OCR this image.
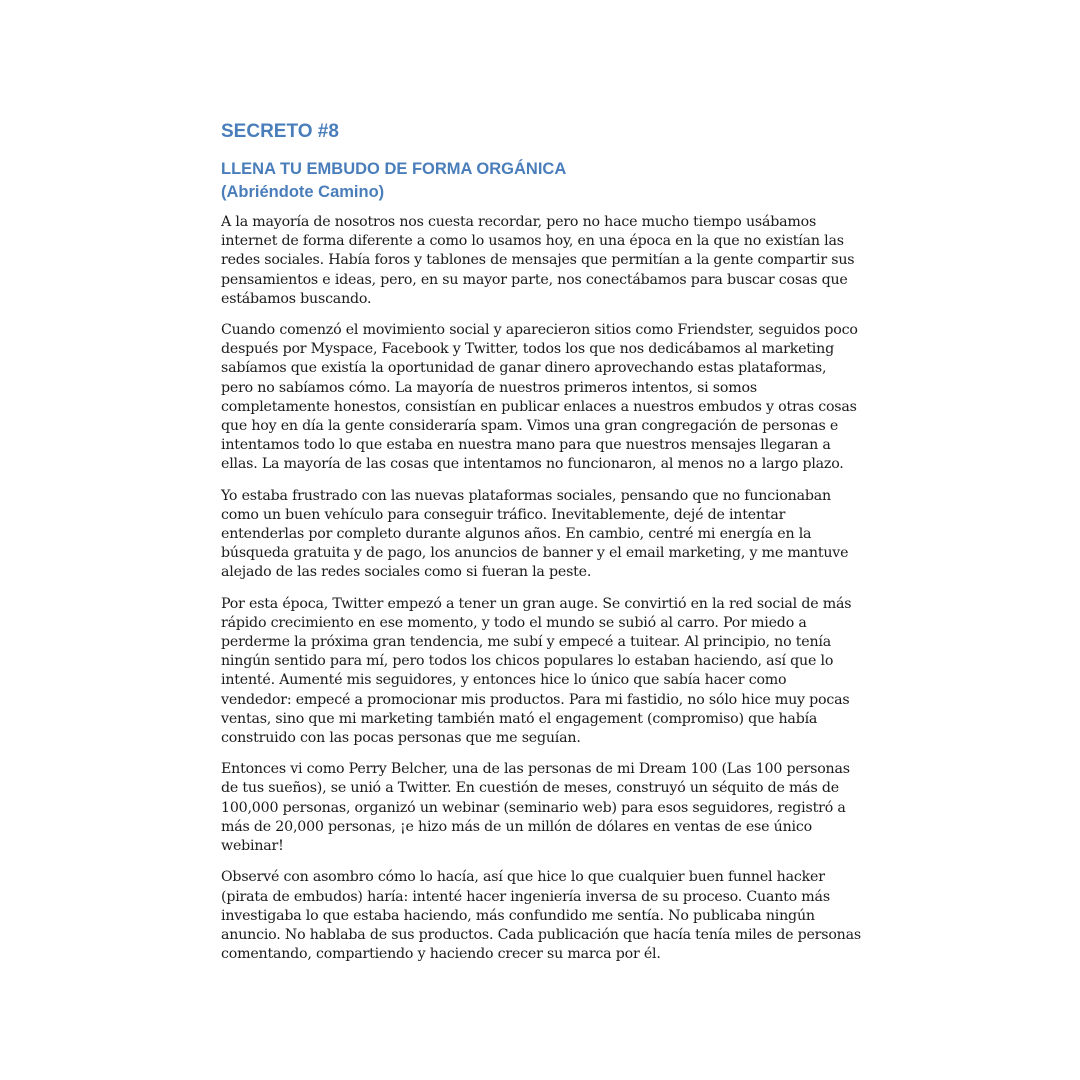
SECRETO #8
LLENA TU EMBUDO DE FORMA ORGÁNICA
(Abriéndote Camino)

A la mayoría de nosotros nos cuesta recordar, pero no hace mucho tiempo usábamos internet de forma diferente a como lo usamos hoy, en una época en la que no existían las redes sociales. Había foros y tablones de mensajes que permitían a la gente compartir sus pensamientos e ideas, pero, en su mayor parte, nos conectábamos para buscar cosas que estábamos buscando.

Cuando comenzó el movimiento social y aparecieron sitios como Friendster, seguidos poco después por Myspace, Facebook y Twitter, todos los que nos dedicábamos al marketing sabíamos que existía la oportunidad de ganar dinero aprovechando estas plataformas, pero no sabíamos cómo. La mayoría de nuestros primeros intentos, si somos completamente honestos, consistían en publicar enlaces a nuestros embudos y otras cosas que hoy en día la gente consideraría spam. Vimos una gran congregación de personas e intentamos todo lo que estaba en nuestra mano para que nuestros mensajes llegaran a ellas. La mayoría de las cosas que intentamos no funcionaron, al menos no a largo plazo.

Yo estaba frustrado con las nuevas plataformas sociales, pensando que no funcionaban como un buen vehículo para conseguir tráfico. Inevitablemente, dejé de intentar entenderlas por completo durante algunos años. En cambio, centré mi energía en la búsqueda gratuita y de pago, los anuncios de banner y el email marketing, y me mantuve alejado de las redes sociales como si fueran la peste.

Por esta época, Twitter empezó a tener un gran auge. Se convirtió en la red social de más rápido crecimiento en ese momento, y todo el mundo se subió al carro. Por miedo a perderme la próxima gran tendencia, me subí y empecé a tuitear. Al principio, no tenía ningún sentido para mí, pero todos los chicos populares lo estaban haciendo, así que lo intenté. Aumenté mis seguidores, y entonces hice lo único que sabía hacer como vendedor: empecé a promocionar mis productos. Para mi fastidio, no sólo hice muy pocas ventas, sino que mi marketing también mató el engagement (compromiso) que había construido con las pocas personas que me seguían.

Entonces vi como Perry Belcher, una de las personas de mi Dream 100 (Las 100 personas de tus sueños), se unió a Twitter. En cuestión de meses, construyó un séquito de más de 100,000 personas, organizó un webinar (seminario web) para esos seguidores, registró a más de 20,000 personas, ¡e hizo más de un millón de dólares en ventas de ese único webinar!

Observé con asombro cómo lo hacía, así que hice lo que cualquier buen funnel hacker (pirata de embudos) haría: intenté hacer ingeniería inversa de su proceso. Cuanto más investigaba lo que estaba haciendo, más confundido me sentía. No publicaba ningún anuncio. No hablaba de sus productos. Cada publicación que hacía tenía miles de personas comentando, compartiendo y haciendo crecer su marca por él.
